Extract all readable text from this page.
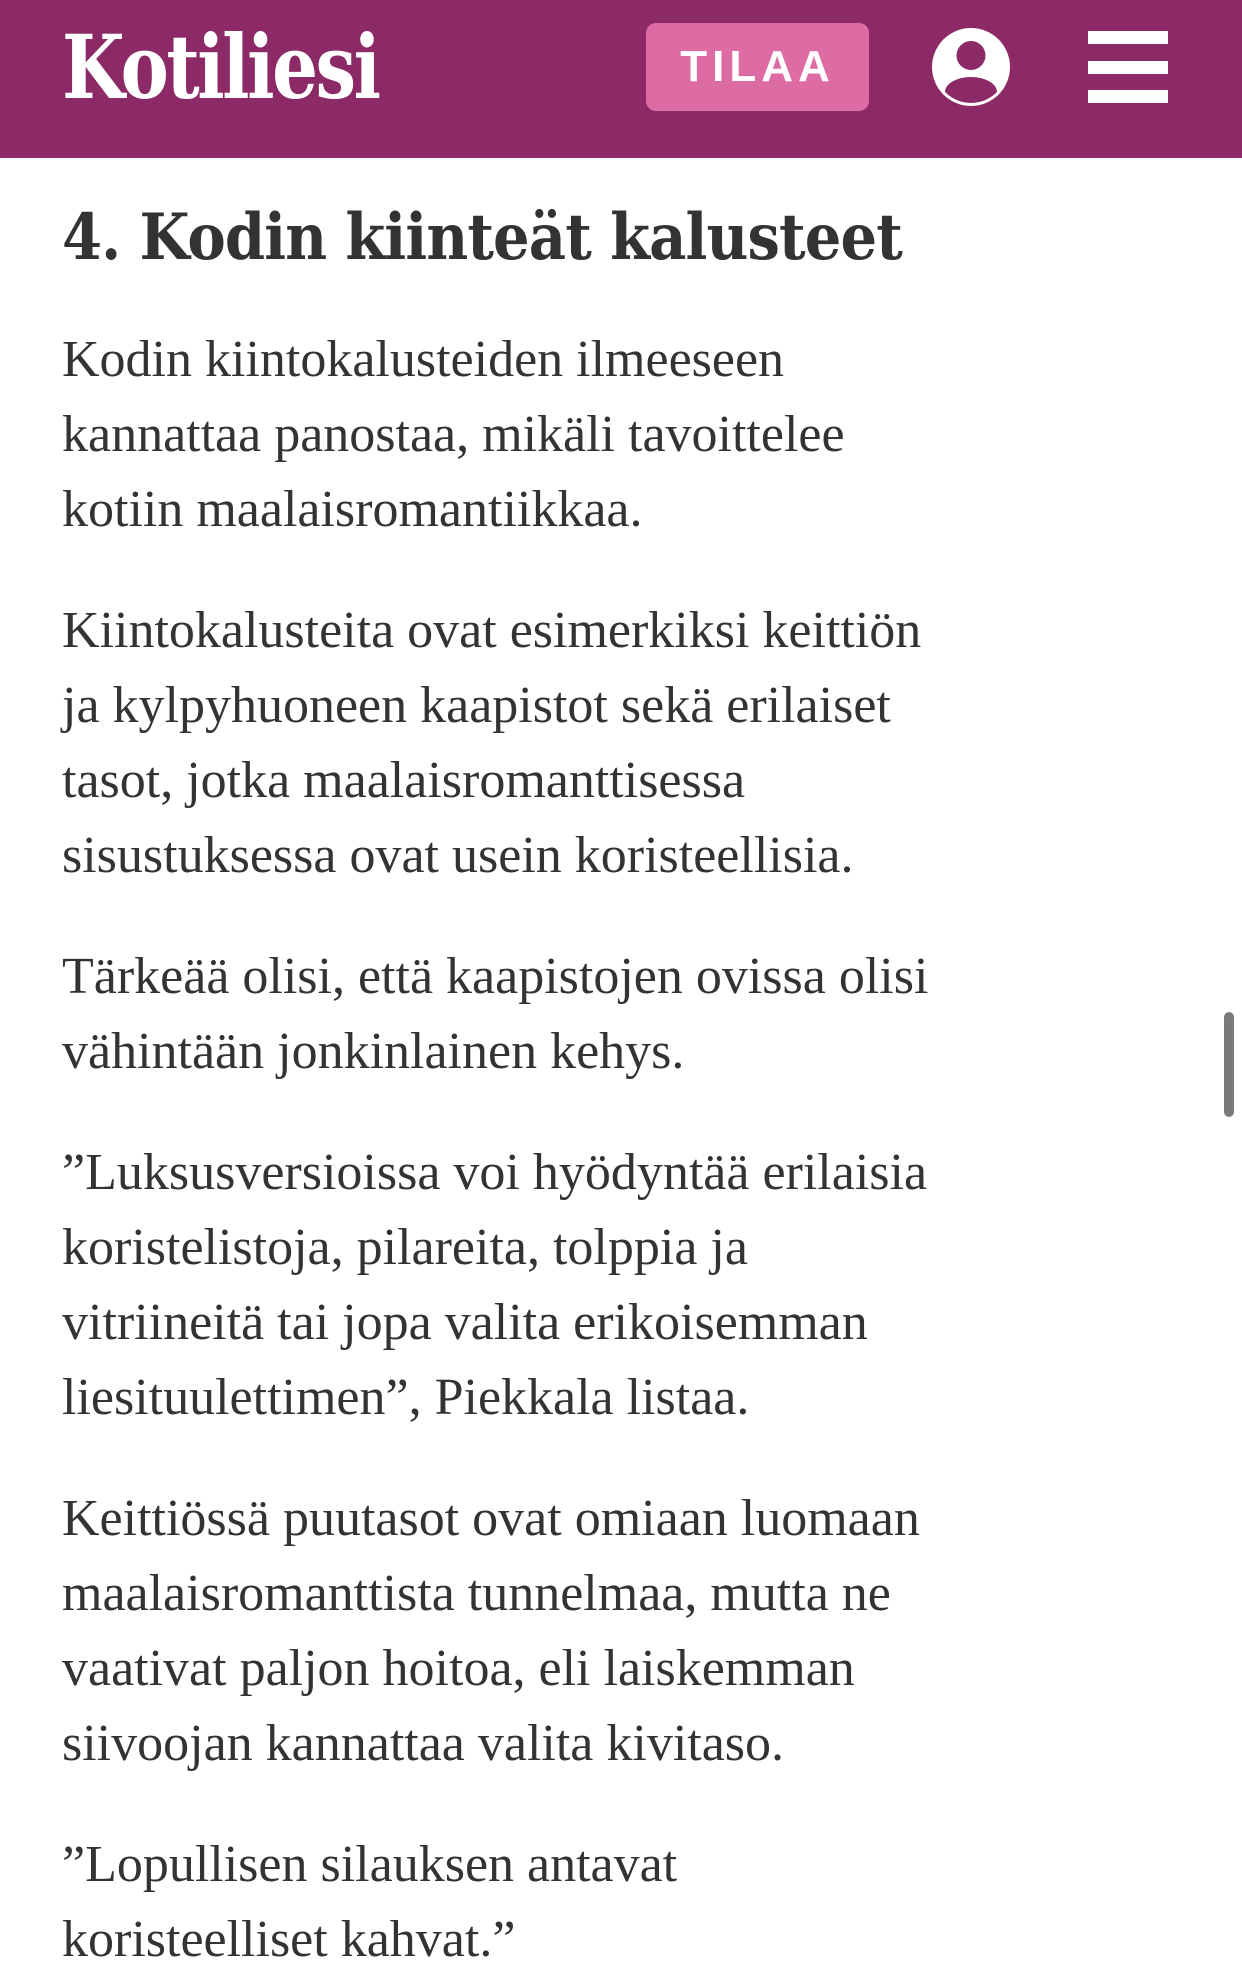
Kotiliesi	TILAA
4. Kodin kiinteät kalusteet

Kodin kiintokalusteiden ilmeeseen
kannattaa panostaa, mikäli tavoittelee
kotiin maalaisromantiikkaa.

Kiintokalusteita ovat esimerkiksi keittiön
ja kylpyhuoneen kaapistot sekä erilaiset
tasot, jotka maalaisromanttisessa
sisustuksessa ovat usein koristeellisia.

Tärkeää olisi, että kaapistojen ovissa olisi
vähintään jonkinlainen kehys.

”Luksusversioissa voi hyödyntää erilaisia
koristelistoja, pilareita, tolppia ja
vitriineitä tai jopa valita erikoisemman
liesituulettimen”, Piekkala listaa.

Keittiössä puutasot ovat omiaan luomaan
maalaisromanttista tunnelmaa, mutta ne
vaativat paljon hoitoa, eli laiskemman
siivoojan kannattaa valita kivitaso.

”Lopullisen silauksen antavat
koristeelliset kahvat.”
